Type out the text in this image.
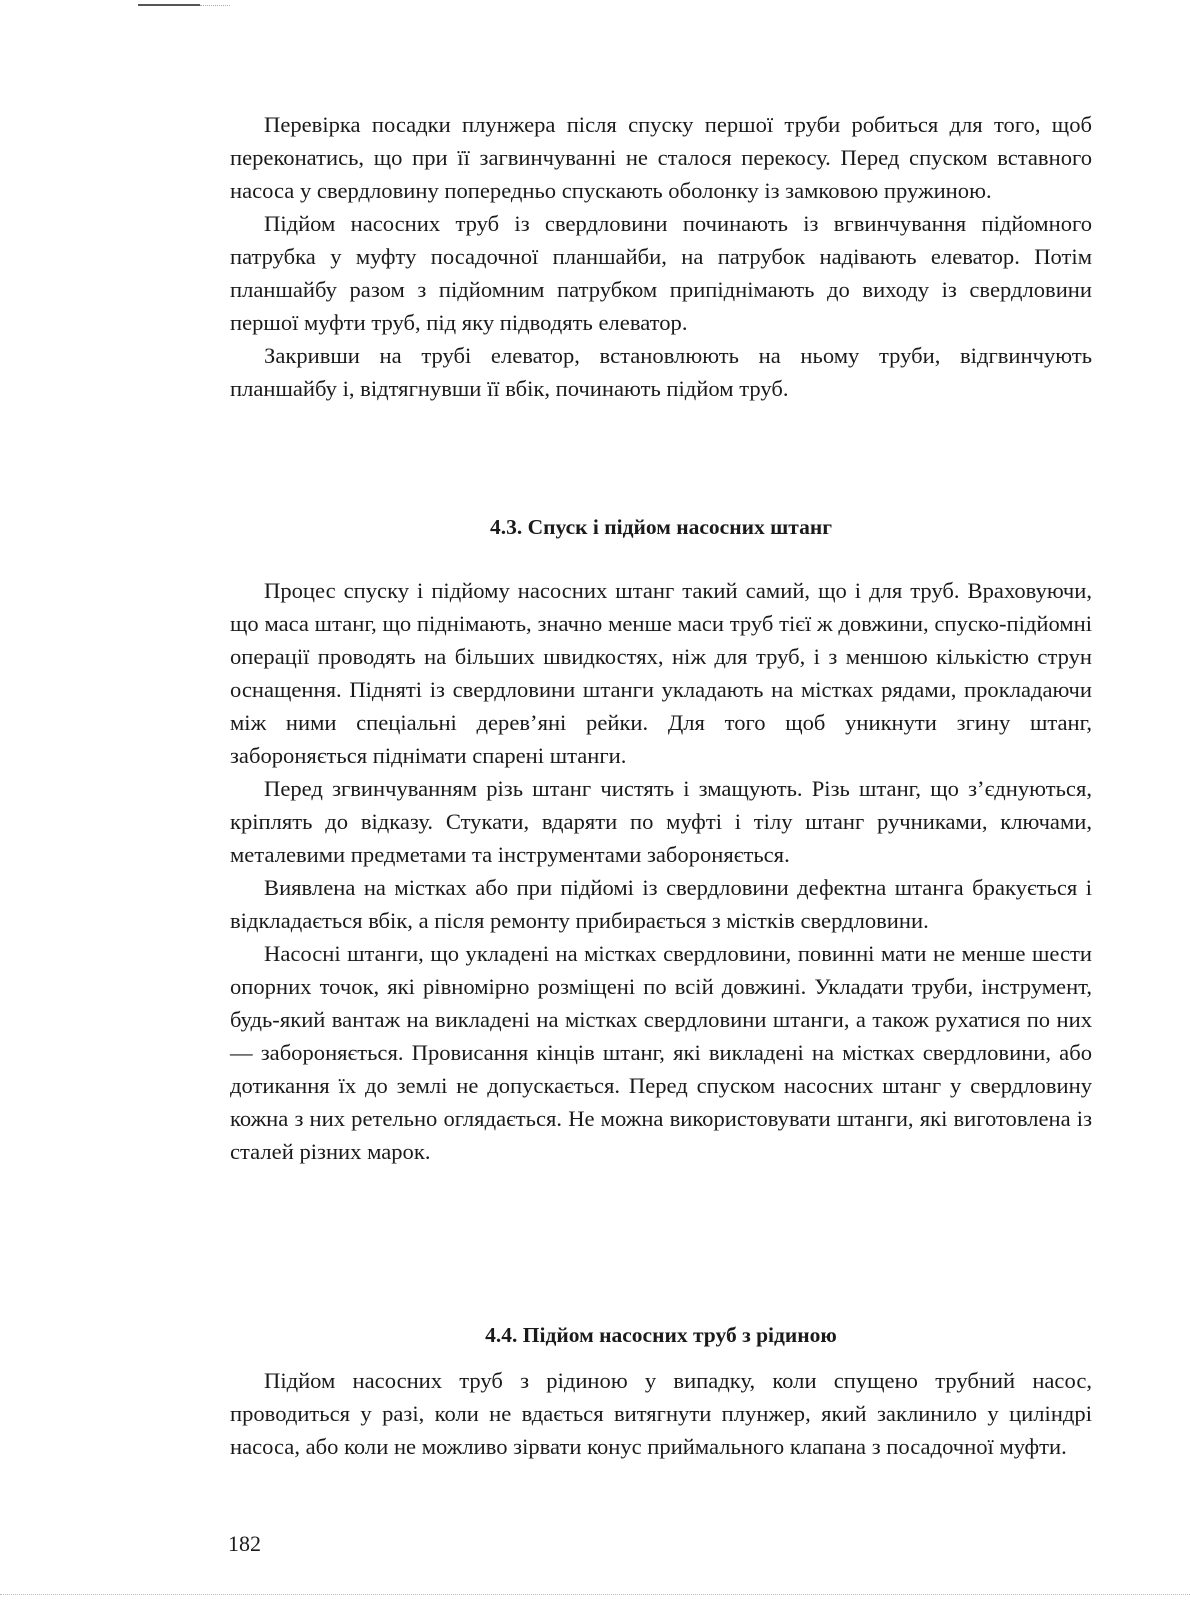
Перевірка посадки плунжера після спуску першої труби робиться для того, щоб переконатись, що при її загвинчуванні не сталося перекосу. Перед спуском вставного насоса у свердловину попередньо спускають оболонку із замковою пружиною.

Підйом насосних труб із свердловини починають із вгвинчування підйомного патрубка у муфту посадочної планшайби, на патрубок надівають елеватор. Потім планшайбу разом з підйомним патрубком припіднімають до виходу із свердловини першої муфти труб, під яку підводять елеватор.

Закривши на трубі елеватор, встановлюють на ньому труби, відгвинчують планшайбу і, відтягнувши її вбік, починають підйом труб.

4.3. Спуск і підйом насосних штанг

Процес спуску і підйому насосних штанг такий самий, що і для труб. Враховуючи, що маса штанг, що піднімають, значно менше маси труб тієї ж довжини, спуско-підйомні операції проводять на більших швидкостях, ніж для труб, і з меншою кількістю струн оснащення. Підняті із свердловини штанги укладають на містках рядами, прокладаючи між ними спеціальні дерев’яні рейки. Для того щоб уникнути згину штанг, забороняється піднімати спарені штанги.

Перед згвинчуванням різь штанг чистять і змащують. Різь штанг, що з’єднуються, кріплять до відказу. Стукати, вдаряти по муфті і тілу штанг ручниками, ключами, металевими предметами та інструментами забороняється.

Виявлена на містках або при підйомі із свердловини дефектна штанга бракується і відкладається вбік, а після ремонту прибирається з містків свердловини.

Насосні штанги, що укладені на містках свердловини, повинні мати не менше шести опорних точок, які рівномірно розміщені по всій довжині. Укладати труби, інструмент, будь-який вантаж на викладені на містках свердловини штанги, а також рухатися по них — забороняється. Провисання кінців штанг, які викладені на містках свердловини, або дотикання їх до землі не допускається. Перед спуском насосних штанг у свердловину кожна з них ретельно оглядається. Не можна використовувати штанги, які виготовлена із сталей різних марок.

4.4. Підйом насосних труб з рідиною

Підйом насосних труб з рідиною у випадку, коли спущено трубний насос, проводиться у разі, коли не вдається витягнути плунжер, який заклинило у циліндрі насоса, або коли не можливо зірвати конус приймального клапана з посадочної муфти.

182
